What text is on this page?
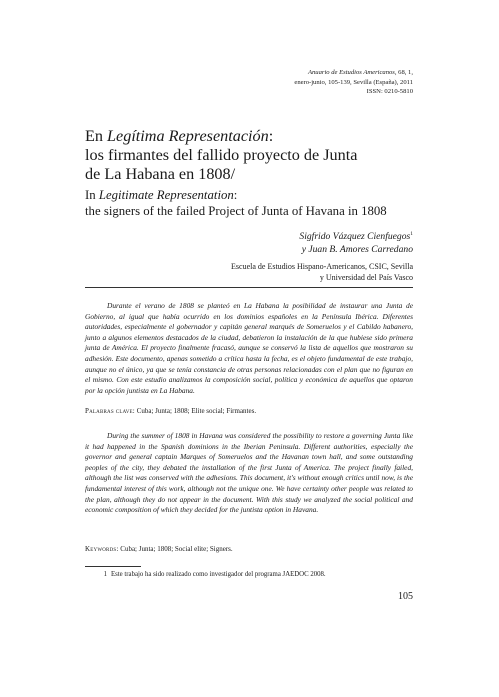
Anuario de Estudios Americanos, 68, 1,
enero-junio, 105-139, Sevilla (España), 2011
ISSN: 0210-5810
En Legítima Representación:
los firmantes del fallido proyecto de Junta
de La Habana en 1808/
In Legitimate Representation:
the signers of the failed Project of Junta of Havana in 1808
Sigfrido Vázquez Cienfuegos$^1$
y Juan B. Amores Carredano
Escuela de Estudios Hispano-Americanos, CSIC, Sevilla
y Universidad del País Vasco

Durante el verano de 1808 se planteó en La Habana la posibilidad de instaurar una Junta de Gobierno, al igual que había ocurrido en los dominios españoles en la Península Ibérica. Diferentes autoridades, especialmente el gobernador y capitán general marqués de Someruelos y el Cabildo habanero, junto a algunos elementos destacados de la ciudad, debatieron la instalación de la que hubiese sido primera junta de América. El proyecto finalmente fracasó, aunque se conservó la lista de aquellos que mostraron su adhesión. Este documento, apenas sometido a crítica hasta la fecha, es el objeto fundamental de este trabajo, aunque no el único, ya que se tenía constancia de otras personas relacionadas con el plan que no figuran en el mismo. Con este estudio analizamos la composición social, política y económica de aquellos que optaron por la opción juntista en La Habana.

Palabras clave: Cuba; Junta; 1808; Elite social; Firmantes.

During the summer of 1808 in Havana was considered the possibility to restore a governing Junta like it had happened in the Spanish dominions in the Iberian Peninsula. Different authorities, especially the governor and general captain Marques of Someruelos and the Havanan town hall, and some outstanding peoples of the city, they debated the installation of the first Junta of America. The project finally failed, although the list was conserved with the adhesions. This document, it's without enough critics until now, is the fundamental interest of this work, although not the unique one. We have certainty other people was related to the plan, although they do not appear in the document. With this study we analyzed the social political and economic composition of which they decided for the juntista option in Havana.

Keywords: Cuba; Junta; 1808; Social elite; Signers.
1 Este trabajo ha sido realizado como investigador del programa JAEDOC 2008.
105
